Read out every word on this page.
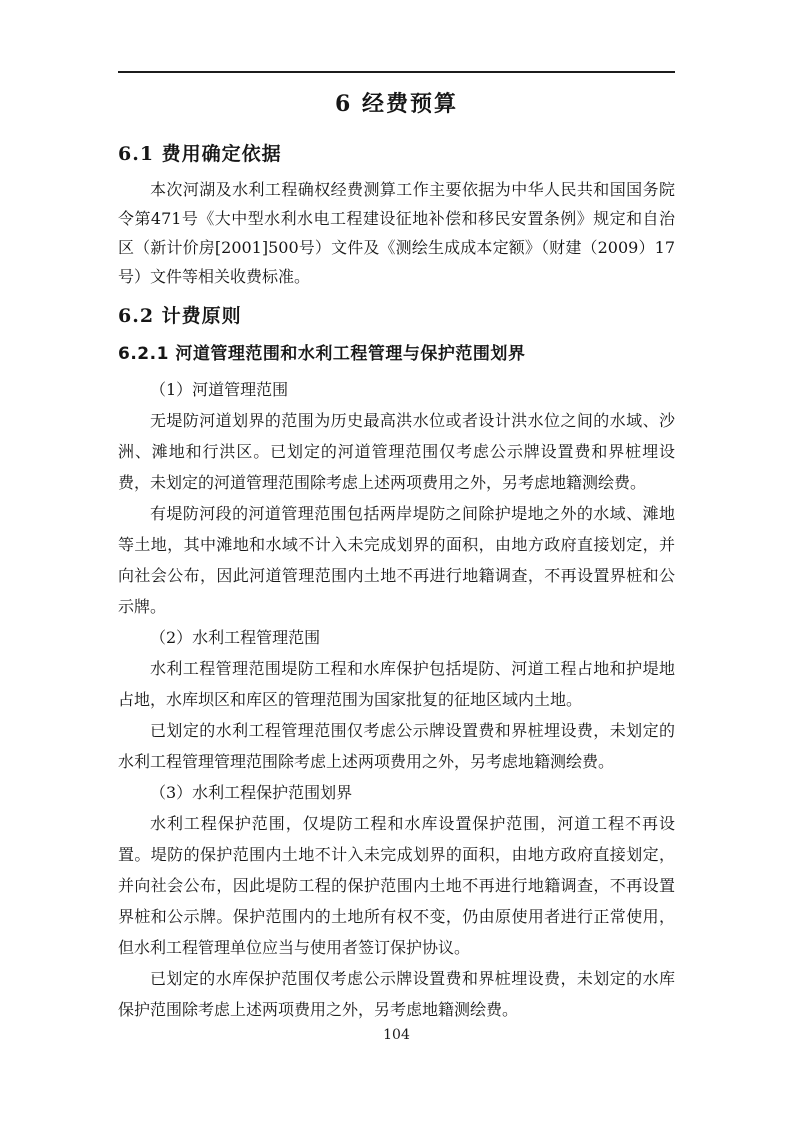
6 经费预算
6.1 费用确定依据

本次河湖及水利工程确权经费测算工作主要依据为中华人民共和国国务院令第471号《大中型水利水电工程建设征地补偿和移民安置条例》规定和自治区（新计价房[2001]500号）文件及《测绘生成成本定额》（财建（2009）17号）文件等相关收费标准。

6.2 计费原则
6.2.1 河道管理范围和水利工程管理与保护范围划界

（1）河道管理范围

无堤防河道划界的范围为历史最高洪水位或者设计洪水位之间的水域、沙洲、滩地和行洪区。已划定的河道管理范围仅考虑公示牌设置费和界桩埋设费，未划定的河道管理范围除考虑上述两项费用之外，另考虑地籍测绘费。

有堤防河段的河道管理范围包括两岸堤防之间除护堤地之外的水域、滩地等土地，其中滩地和水域不计入未完成划界的面积，由地方政府直接划定，并向社会公布，因此河道管理范围内土地不再进行地籍调查，不再设置界桩和公示牌。

（2）水利工程管理范围

水利工程管理范围堤防工程和水库保护包括堤防、河道工程占地和护堤地占地，水库坝区和库区的管理范围为国家批复的征地区域内土地。

已划定的水利工程管理范围仅考虑公示牌设置费和界桩埋设费，未划定的水利工程管理管理范围除考虑上述两项费用之外，另考虑地籍测绘费。

（3）水利工程保护范围划界

水利工程保护范围，仅堤防工程和水库设置保护范围，河道工程不再设置。堤防的保护范围内土地不计入未完成划界的面积，由地方政府直接划定，并向社会公布，因此堤防工程的保护范围内土地不再进行地籍调查，不再设置界桩和公示牌。保护范围内的土地所有权不变，仍由原使用者进行正常使用，但水利工程管理单位应当与使用者签订保护协议。

已划定的水库保护范围仅考虑公示牌设置费和界桩埋设费，未划定的水库保护范围除考虑上述两项费用之外，另考虑地籍测绘费。

104
